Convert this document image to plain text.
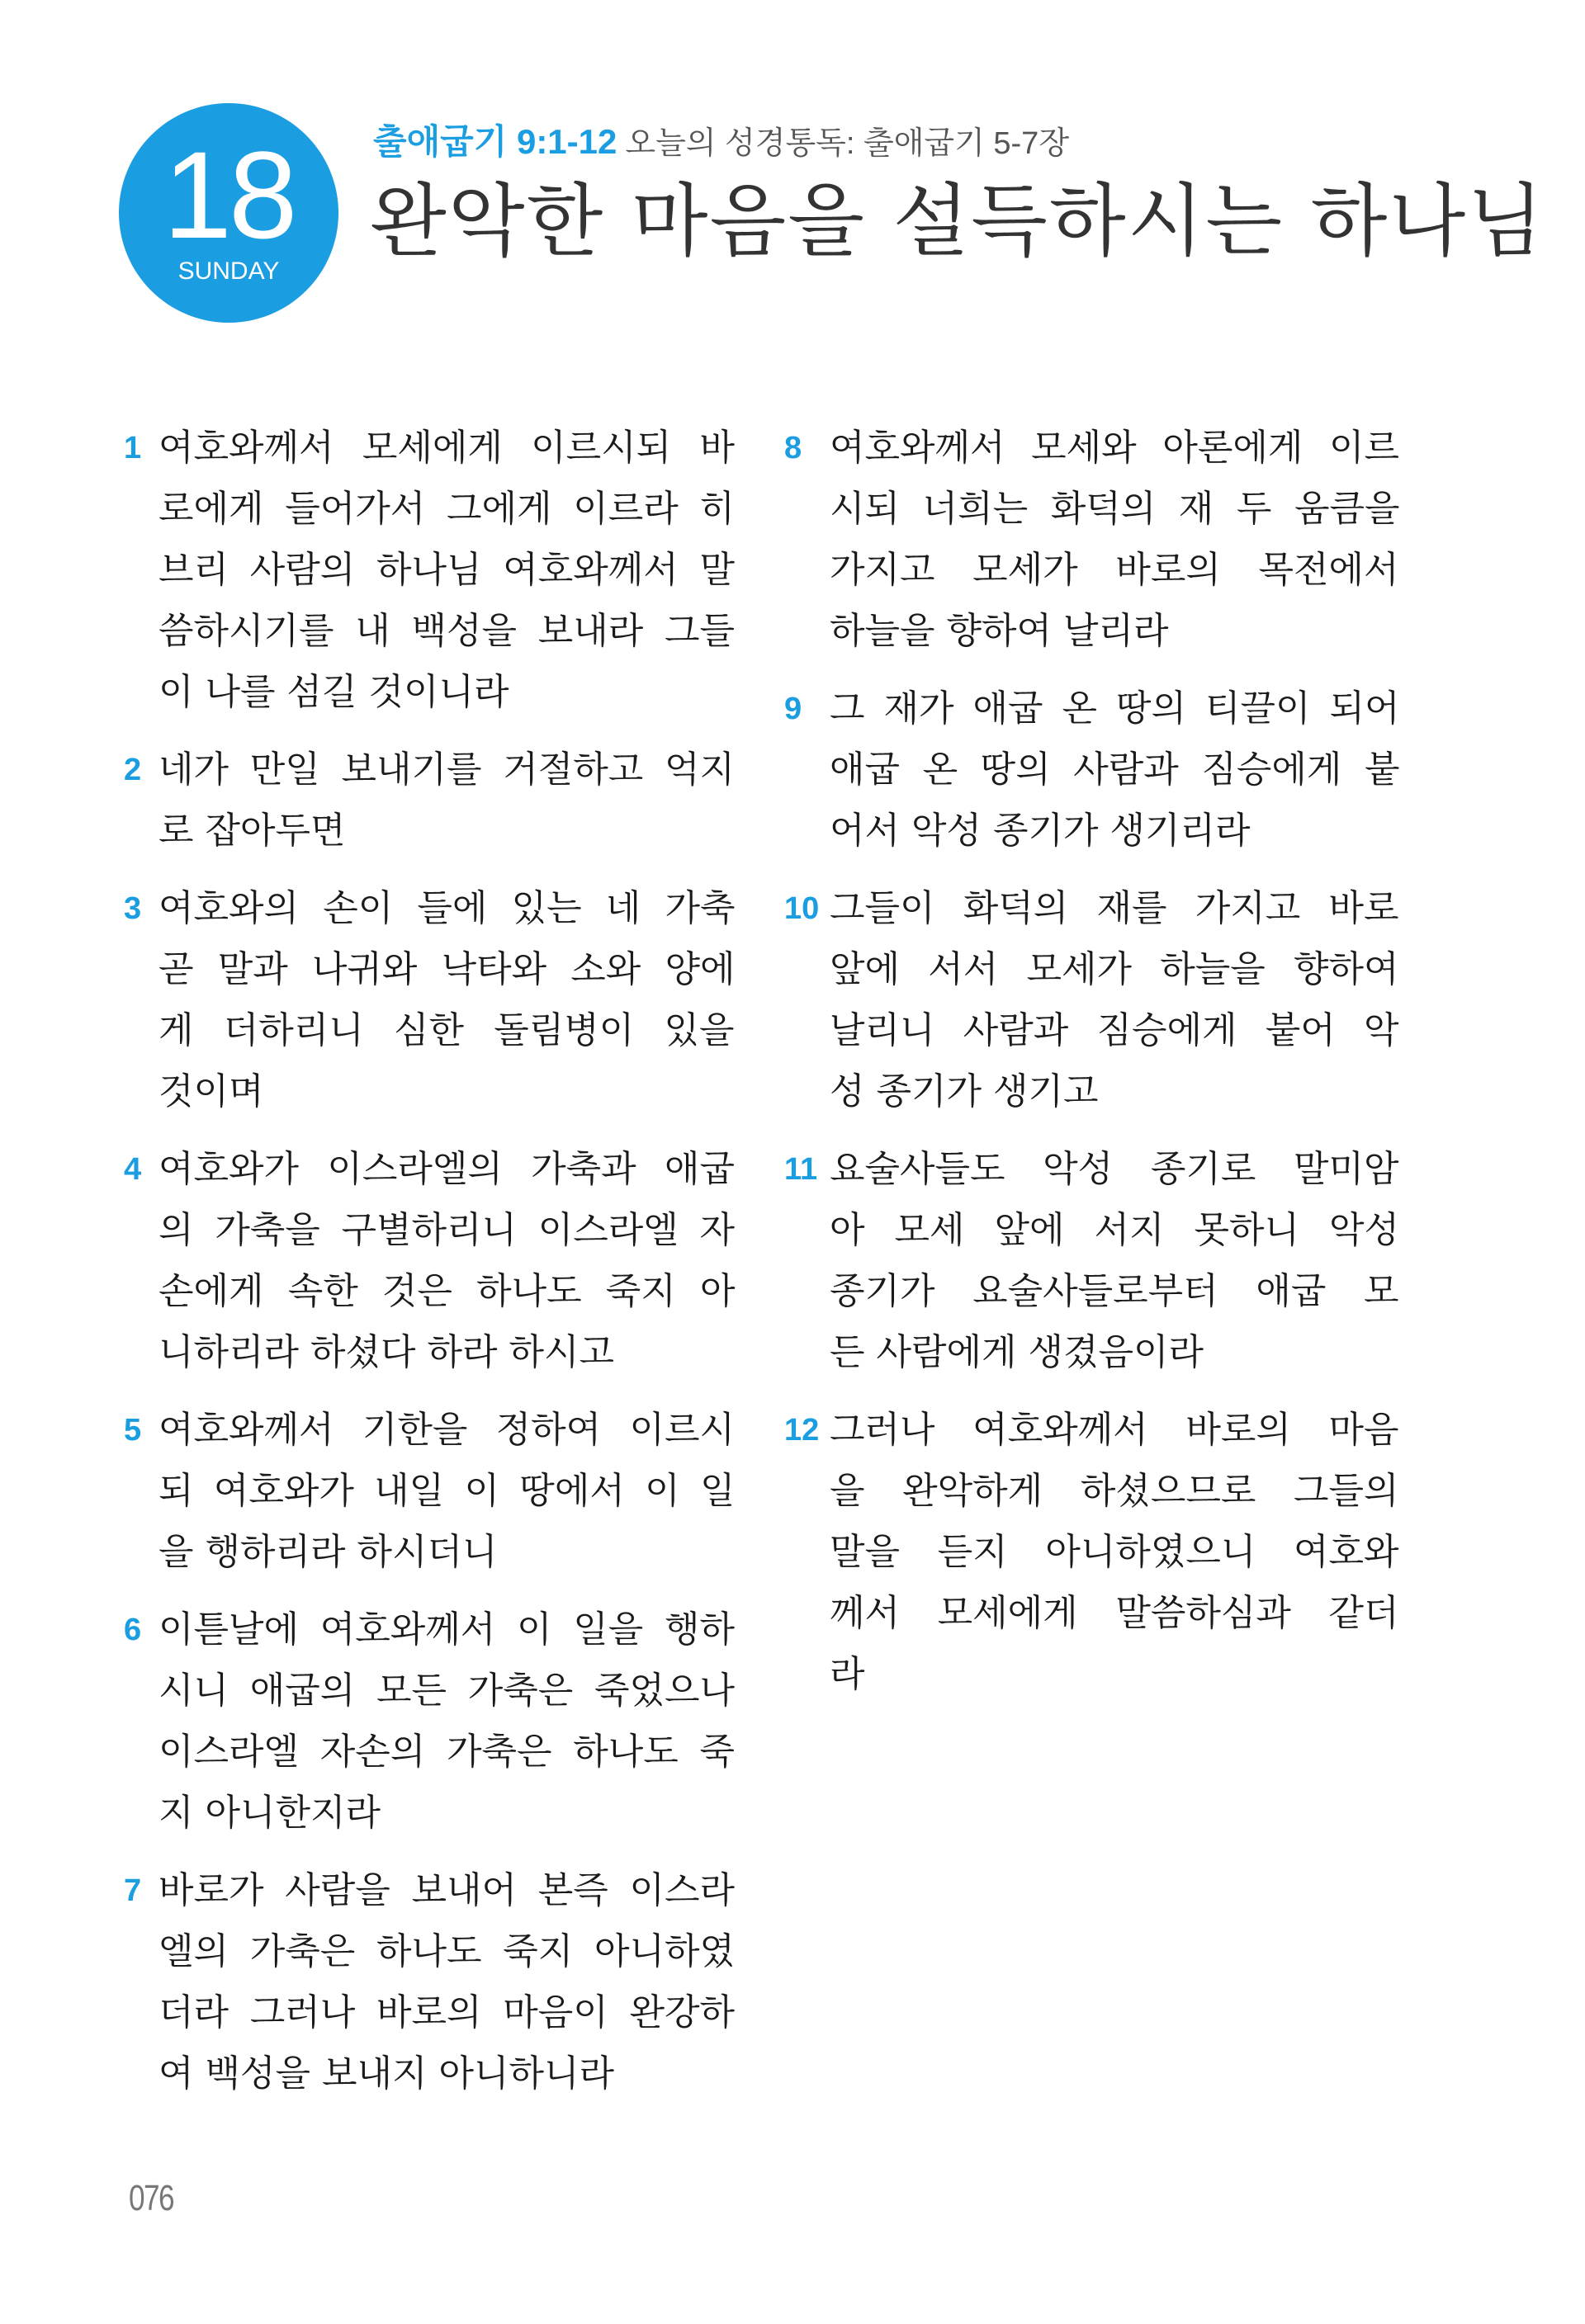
18
SUNDAY
출애굽기 9:1-12 오늘의 성경통독: 출애굽기 5-7장
완악한 마음을 설득하시는 하나님
1 여호와께서 모세에게 이르시되 바
로에게 들어가서 그에게 이르라 히
브리 사람의 하나님 여호와께서 말
씀하시기를 내 백성을 보내라 그들
이 나를 섬길 것이니라
2 네가 만일 보내기를 거절하고 억지
로 잡아두면
3 여호와의 손이 들에 있는 네 가축
곧 말과 나귀와 낙타와 소와 양에
게 더하리니 심한 돌림병이 있을
것이며
4 여호와가 이스라엘의 가축과 애굽
의 가축을 구별하리니 이스라엘 자
손에게 속한 것은 하나도 죽지 아
니하리라 하셨다 하라 하시고
5 여호와께서 기한을 정하여 이르시
되 여호와가 내일 이 땅에서 이 일
을 행하리라 하시더니
6 이튿날에 여호와께서 이 일을 행하
시니 애굽의 모든 가축은 죽었으나
이스라엘 자손의 가축은 하나도 죽
지 아니한지라
7 바로가 사람을 보내어 본즉 이스라
엘의 가축은 하나도 죽지 아니하였
더라 그러나 바로의 마음이 완강하
여 백성을 보내지 아니하니라
8 여호와께서 모세와 아론에게 이르
시되 너희는 화덕의 재 두 움큼을
가지고 모세가 바로의 목전에서
하늘을 향하여 날리라
9 그 재가 애굽 온 땅의 티끌이 되어
애굽 온 땅의 사람과 짐승에게 붙
어서 악성 종기가 생기리라
10 그들이 화덕의 재를 가지고 바로
앞에 서서 모세가 하늘을 향하여
날리니 사람과 짐승에게 붙어 악
성 종기가 생기고
11 요술사들도 악성 종기로 말미암
아 모세 앞에 서지 못하니 악성
종기가 요술사들로부터 애굽 모
든 사람에게 생겼음이라
12 그러나 여호와께서 바로의 마음
을 완악하게 하셨으므로 그들의
말을 듣지 아니하였으니 여호와
께서 모세에게 말씀하심과 같더
라
076
